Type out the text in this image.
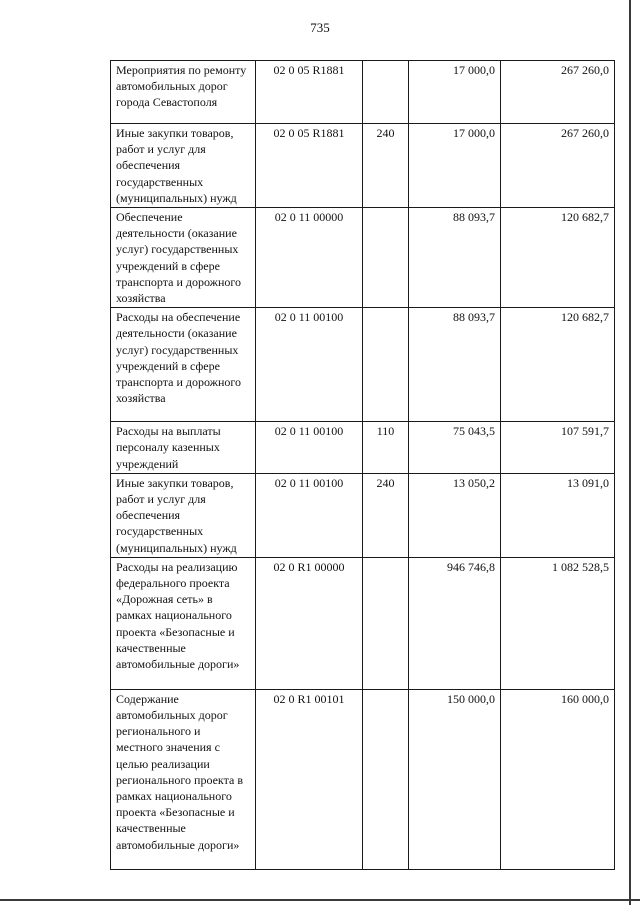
735
Мероприятия по ремонту автомобильных дорог города Севастополя	02 0 05 R1881		17 000,0	267 260,0
Иные закупки товаров, работ и услуг для обеспечения государственных (муниципальных) нужд	02 0 05 R1881	240	17 000,0	267 260,0
Обеспечение деятельности (оказание услуг) государственных учреждений в сфере транспорта и дорожного хозяйства	02 0 11 00000		88 093,7	120 682,7
Расходы на обеспечение деятельности (оказание услуг) государственных учреждений в сфере транспорта и дорожного хозяйства	02 0 11 00100		88 093,7	120 682,7
Расходы на выплаты персоналу казенных учреждений	02 0 11 00100	110	75 043,5	107 591,7
Иные закупки товаров, работ и услуг для обеспечения государственных (муниципальных) нужд	02 0 11 00100	240	13 050,2	13 091,0
Расходы на реализацию федерального проекта «Дорожная сеть» в рамках национального проекта «Безопасные и качественные автомобильные дороги»	02 0 R1 00000		946 746,8	1 082 528,5
Содержание автомобильных дорог регионального и местного значения с целью реализации регионального проекта в рамках национального проекта «Безопасные и качественные автомобильные дороги»	02 0 R1 00101		150 000,0	160 000,0
